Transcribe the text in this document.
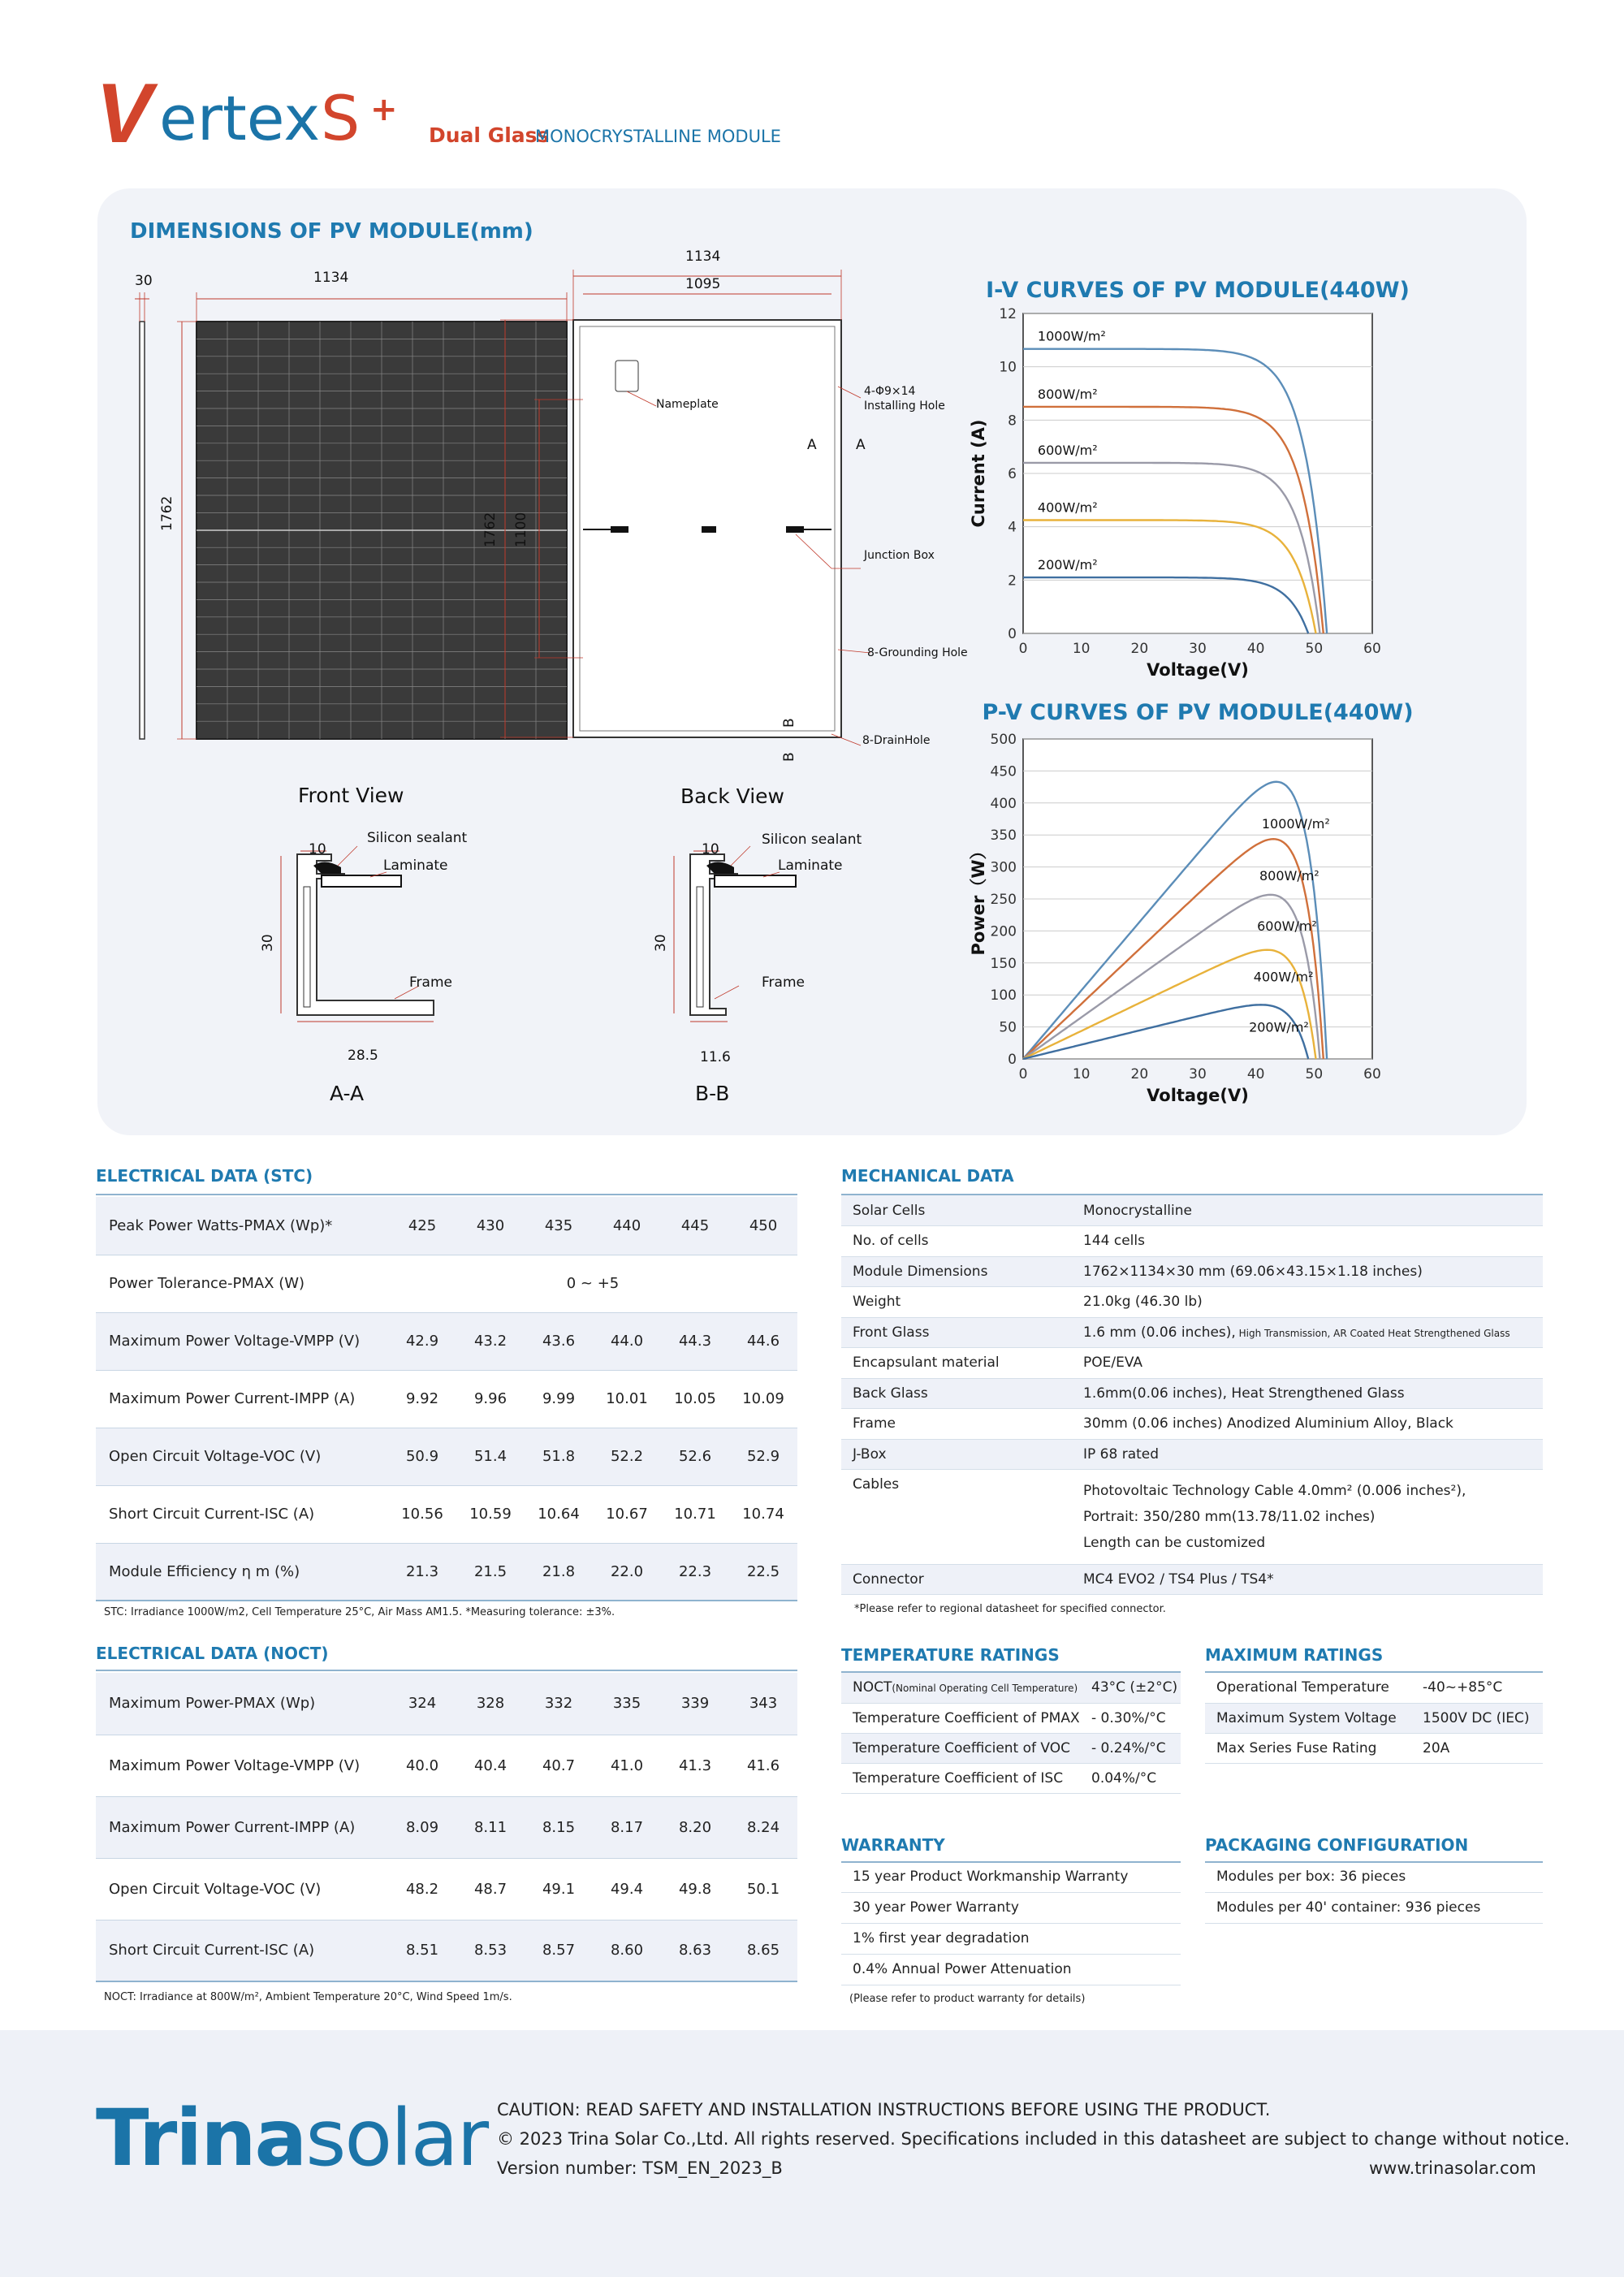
V ertex S +
Dual Glass
MONOCRYSTALLINE MODULE
DIMENSIONS OF PV MODULE(mm)
30	1134
1762
Front View
1134
1095
1762 1100
Nameplate
4-Φ9×14
Installing Hole
A	A
Junction Box
8-Grounding Hole
8-DrainHole
B
B
Back View
Silicon sealant
Laminate
Frame
10
30
28.5
A-A
Silicon sealant
Laminate
Frame
10
30
11.6
B-B
I-V CURVES OF PV MODULE(440W)
0
2
4
6
8
10
12
0	10	20	30	40	50	60
Voltage(V)
Current (A)
1000W/m²
800W/m²
600W/m²
400W/m²
200W/m²
P-V CURVES OF PV MODULE(440W)
0
50
100
150
200
250
300
350
400
450
500
0	10	20	30	40	50	60
Voltage(V)
Power（W）
1000W/m²
800W/m²
600W/m²
400W/m²
200W/m²
ELECTRICAL DATA (STC)
Peak Power Watts-PMAX (Wp)*	425	430	435	440	445	450
Power Tolerance-PMAX (W)	0 ~ +5					
Maximum Power Voltage-VMPP (V)	42.9	43.2	43.6	44.0	44.3	44.6
Maximum Power Current-IMPP (A)	9.92	9.96	9.99	10.01	10.05	10.09
Open Circuit Voltage-VOC (V)	50.9	51.4	51.8	52.2	52.6	52.9
Short Circuit Current-ISC (A)	10.56	10.59	10.64	10.67	10.71	10.74
Module Efficiency η m (%)	21.3	21.5	21.8	22.0	22.3	22.5
STC: Irradiance 1000W/m2, Cell Temperature 25°C, Air Mass AM1.5. *Measuring tolerance: ±3%.
ELECTRICAL DATA (NOCT)
Maximum Power-PMAX (Wp)	324	328	332	335	339	343
Maximum Power Voltage-VMPP (V)	40.0	40.4	40.7	41.0	41.3	41.6
Maximum Power Current-IMPP (A)	8.09	8.11	8.15	8.17	8.20	8.24
Open Circuit Voltage-VOC (V)	48.2	48.7	49.1	49.4	49.8	50.1
Short Circuit Current-ISC (A)	8.51	8.53	8.57	8.60	8.63	8.65
NOCT: Irradiance at 800W/m², Ambient Temperature 20°C, Wind Speed 1m/s.
MECHANICAL DATA
Solar Cells	Monocrystalline
No. of cells	144 cells
Module Dimensions	1762×1134×30 mm (69.06×43.15×1.18 inches)
Weight	21.0kg (46.30 lb)
Front Glass	1.6 mm (0.06 inches), High Transmission, AR Coated Heat Strengthened Glass
Encapsulant material	POE/EVA
Back Glass	1.6mm(0.06 inches), Heat Strengthened Glass
Frame	30mm (0.06 inches) Anodized Aluminium Alloy, Black
J-Box	IP 68 rated
Cables	Photovoltaic Technology Cable 4.0mm² (0.006 inches²),
Portrait: 350/280 mm(13.78/11.02 inches)
Length can be customized
Connector	MC4 EVO2 / TS4 Plus / TS4*
*Please refer to regional datasheet for specified connector.
TEMPERATURE RATINGS
NOCT(Nominal Operating Cell Temperature)	43°C (±2°C)
Temperature Coefficient of PMAX	- 0.30%/°C
Temperature Coefficient of VOC	- 0.24%/°C
Temperature Coefficient of ISC	0.04%/°C
MAXIMUM RATINGS
Operational Temperature	-40~+85°C
Maximum System Voltage	1500V DC (IEC)
Max Series Fuse Rating	20A
WARRANTY
15 year Product Workmanship Warranty
30 year Power Warranty
1% first year degradation
0.4% Annual Power Attenuation
(Please refer to product warranty for details)
PACKAGING CONFIGURATION
Modules per box: 36 pieces
Modules per 40' container: 936 pieces
Trinasolar CAUTION: READ SAFETY AND INSTALLATION INSTRUCTIONS BEFORE USING THE PRODUCT.
© 2023 Trina Solar Co.,Ltd. All rights reserved. Specifications included in this datasheet are subject to change without notice.
Version number: TSM_EN_2023_B	www.trinasolar.com
